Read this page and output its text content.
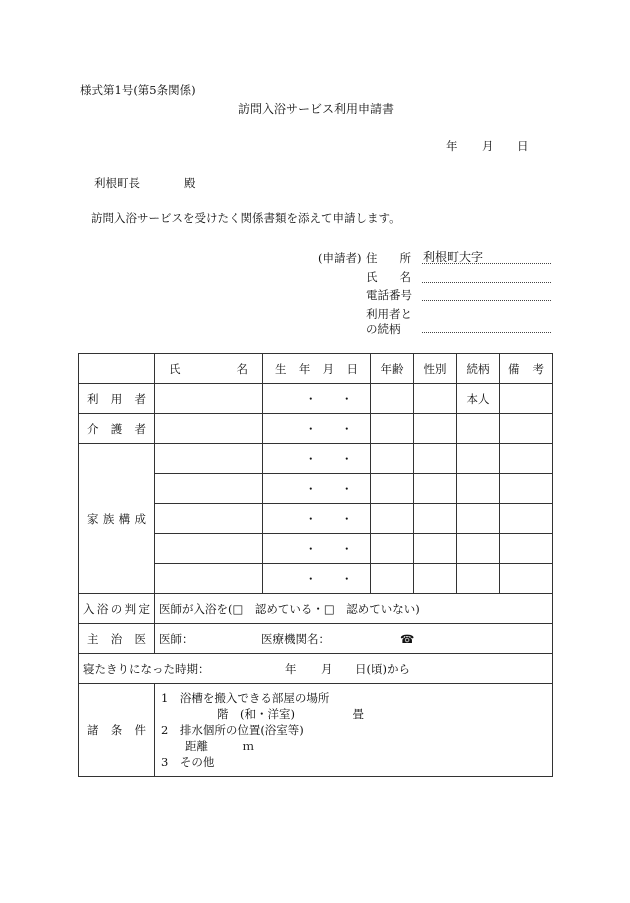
様式第1号(第5条関係)
訪問入浴サービス利用申請書
年 月 日
利根町長	殿
訪問入浴サービスを受けたく関係書類を添えて申請します。
(申請者) 住 所 利根町大字
氏 名
電話番号
利用者と
の続柄

	氏 名	生 年 月 日	年齢	性別	続柄	備 考

利用者		・ ・			本人	
介護者		・ ・				

家族構成		・ ・				

		・ ・				

		・ ・				

		・ ・				

		・ ・				

入浴の判定	医師が入浴を(□　認めている・□　認めていない)					
主治医	医師： 医療機関名： ☎					

寝たきりになった時期： 年 月 日(頃)から						

諸条件	1　浴槽を搬入できる部屋の場所
階　(和・洋室)　　　　　畳
2　排水個所の位置(浴室等)
距離　　　ｍ
3　その他					
